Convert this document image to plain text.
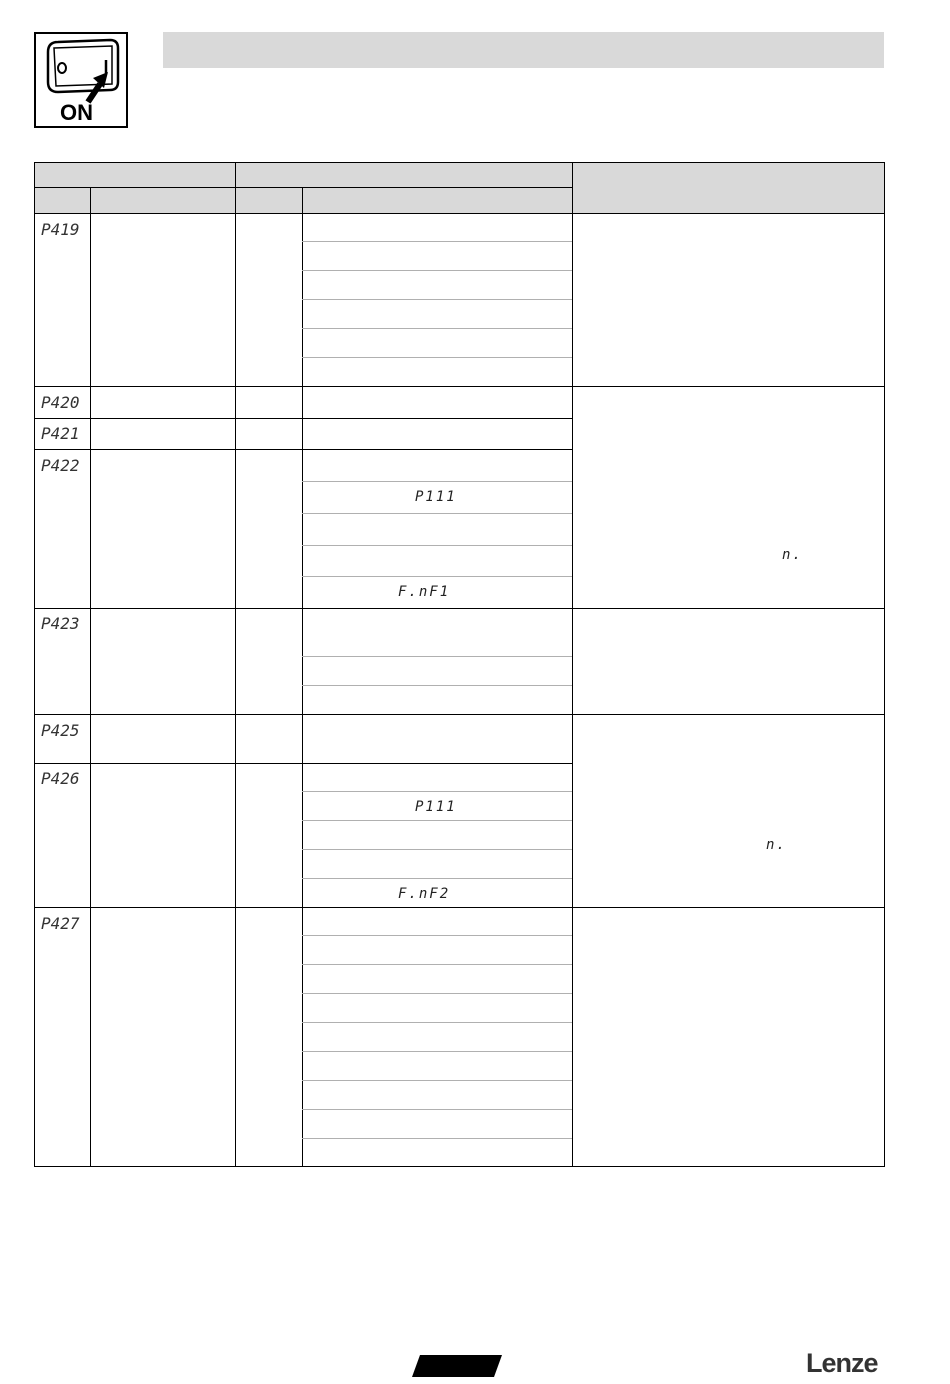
ON
P419
P420
P421
P422
P423
P425
P426
P427
P111
F.nF1
P111
F.nF2
n.
n.
Lenze
